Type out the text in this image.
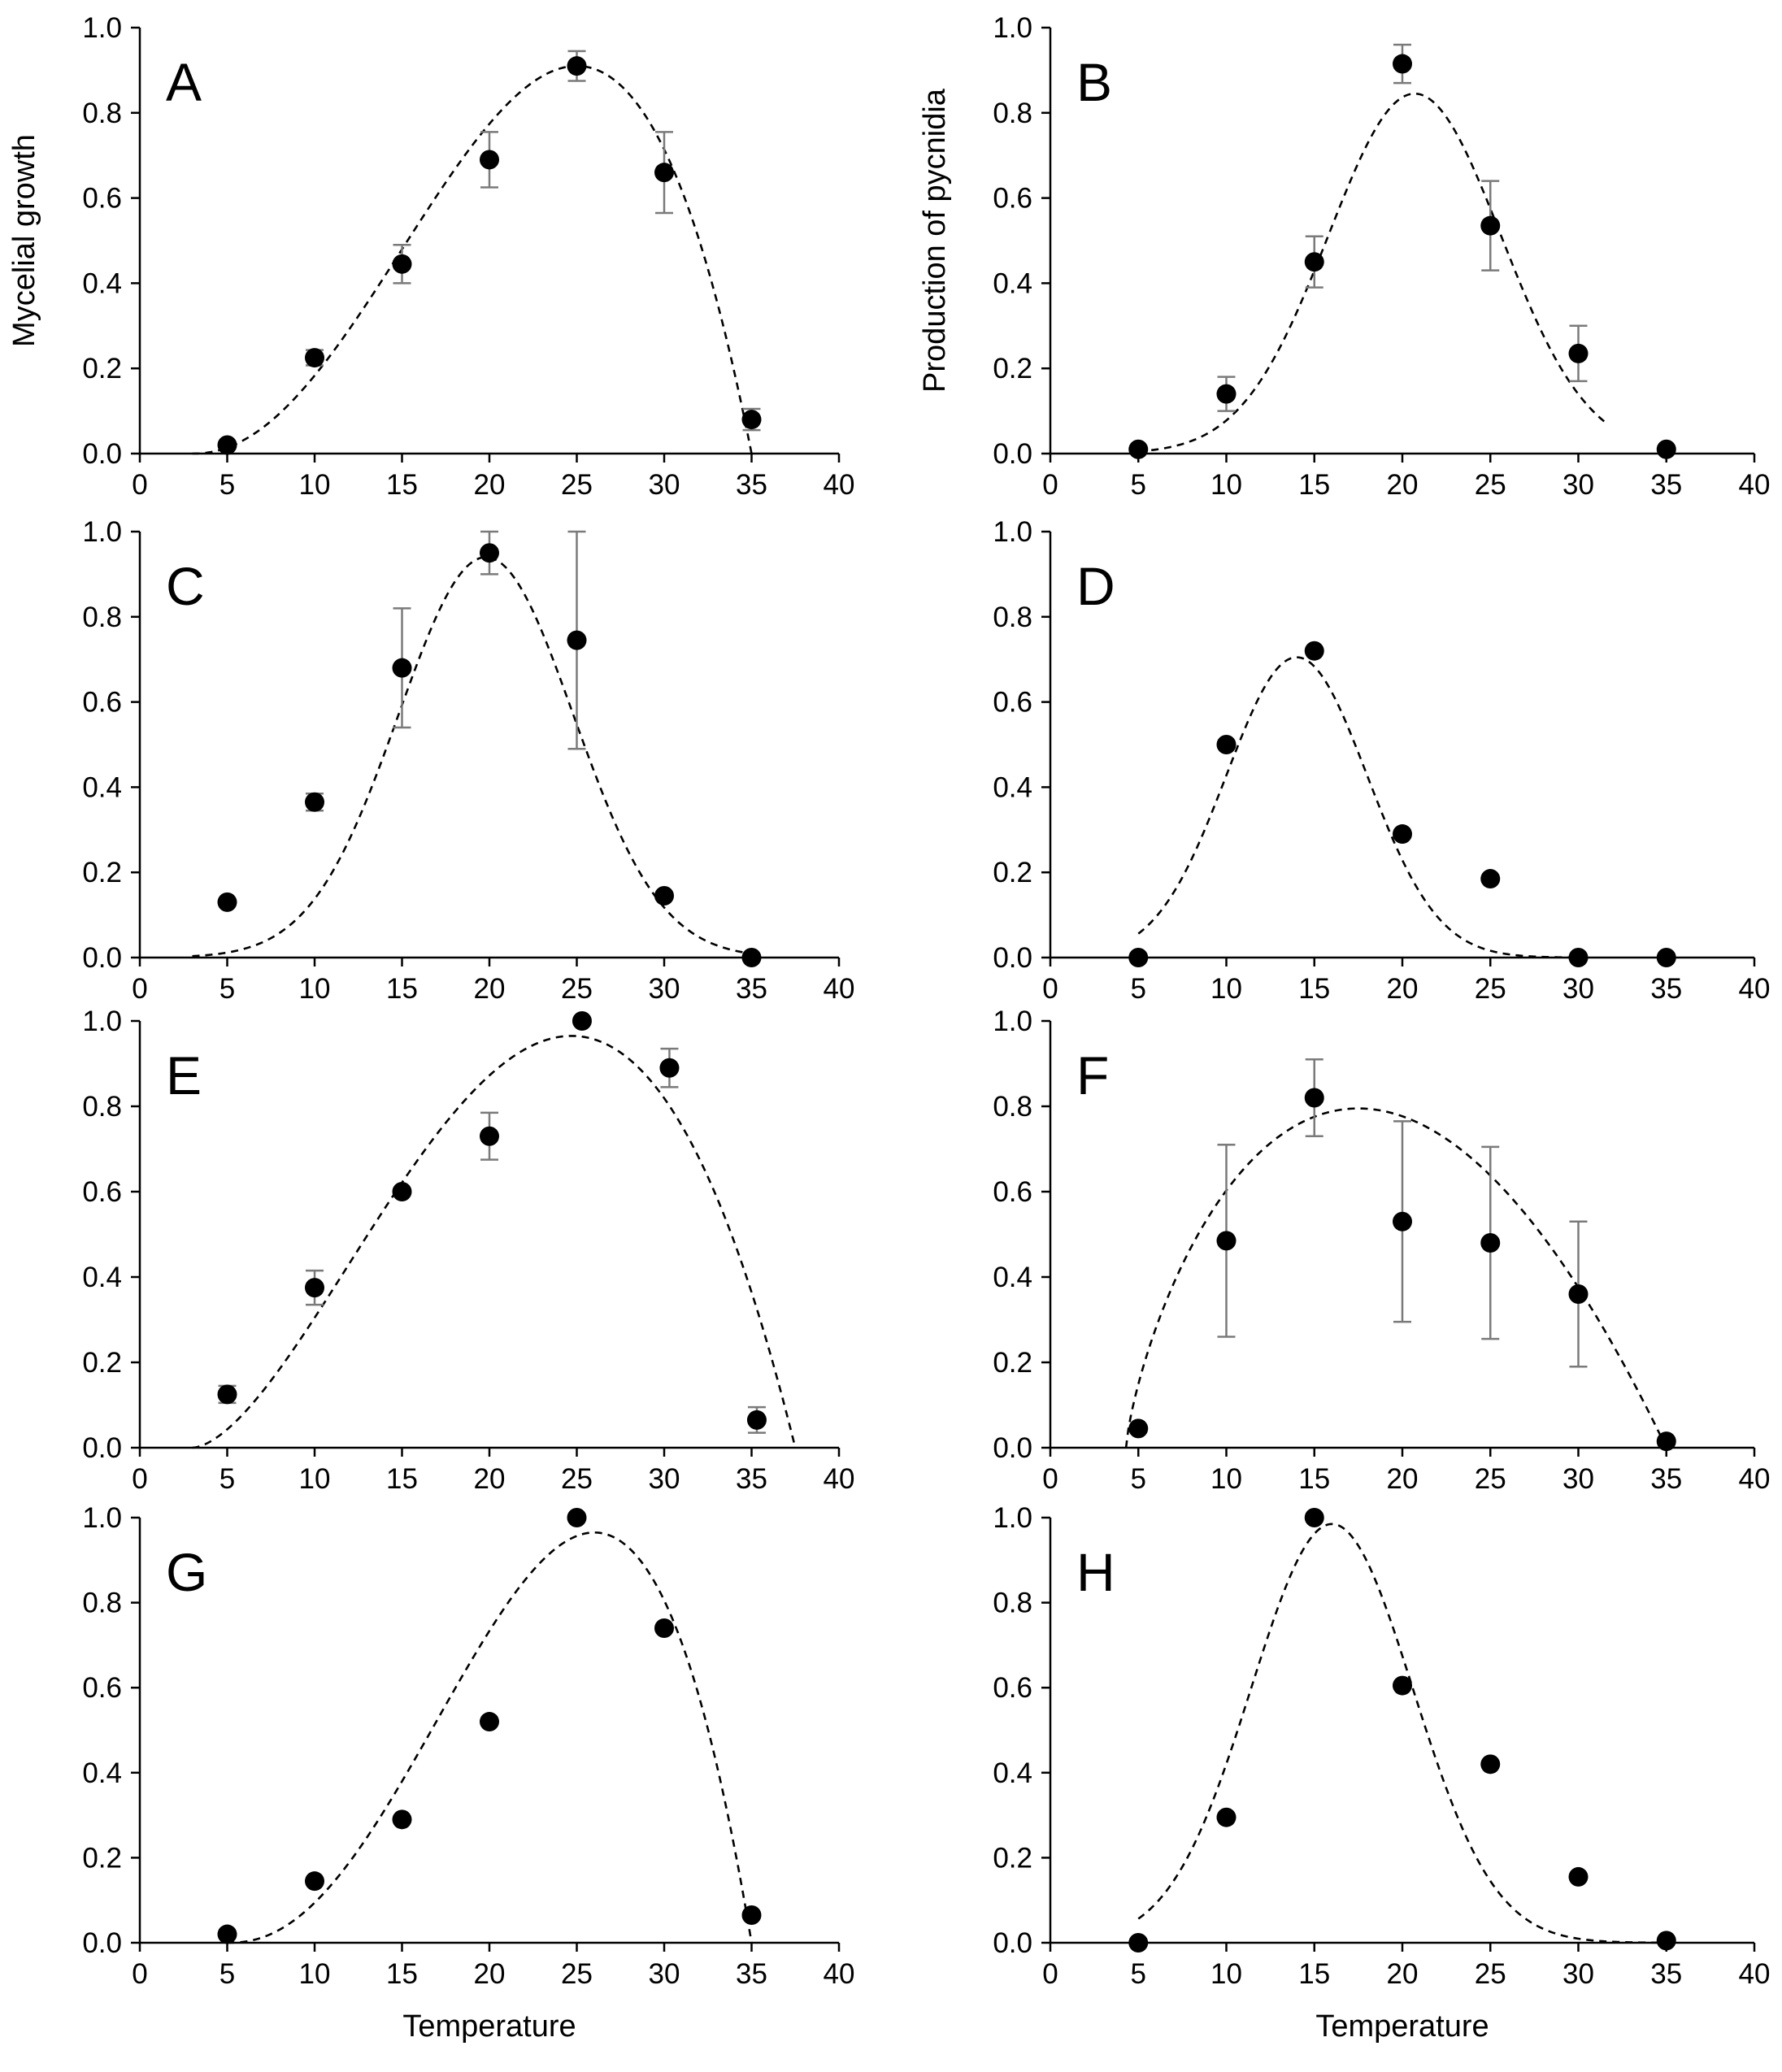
0.0
0.2
0.4
0.6
0.8
1.0
0	5 10 15 20 25 30 35 40
A
Mycelial growth
0.0
0.2
0.4
0.6
0.8
1.0
0	5 10 15 20 25 30 35 40
B
Production of pycnidia
0.0
0.2
0.4
0.6
0.8
1.0
0	5 10 15 20 25 30 35 40
C
0.0
0.2
0.4
0.6
0.8
1.0
0	5 10 15 20 25 30 35 40
D
0.0
0.2
0.4
0.6
0.8
1.0
0	5 10 15 20 25 30 35 40
E
0.0
0.2
0.4
0.6
0.8
1.0
0	5 10 15 20 25 30 35 40
F
0.0
0.2
0.4
0.6
0.8
1.0
0	5 10 15 20 25 30 35 40
G
Temperature
0.0
0.2
0.4
0.6
0.8
1.0
0	5 10 15 20 25 30 35 40
H
Temperature
